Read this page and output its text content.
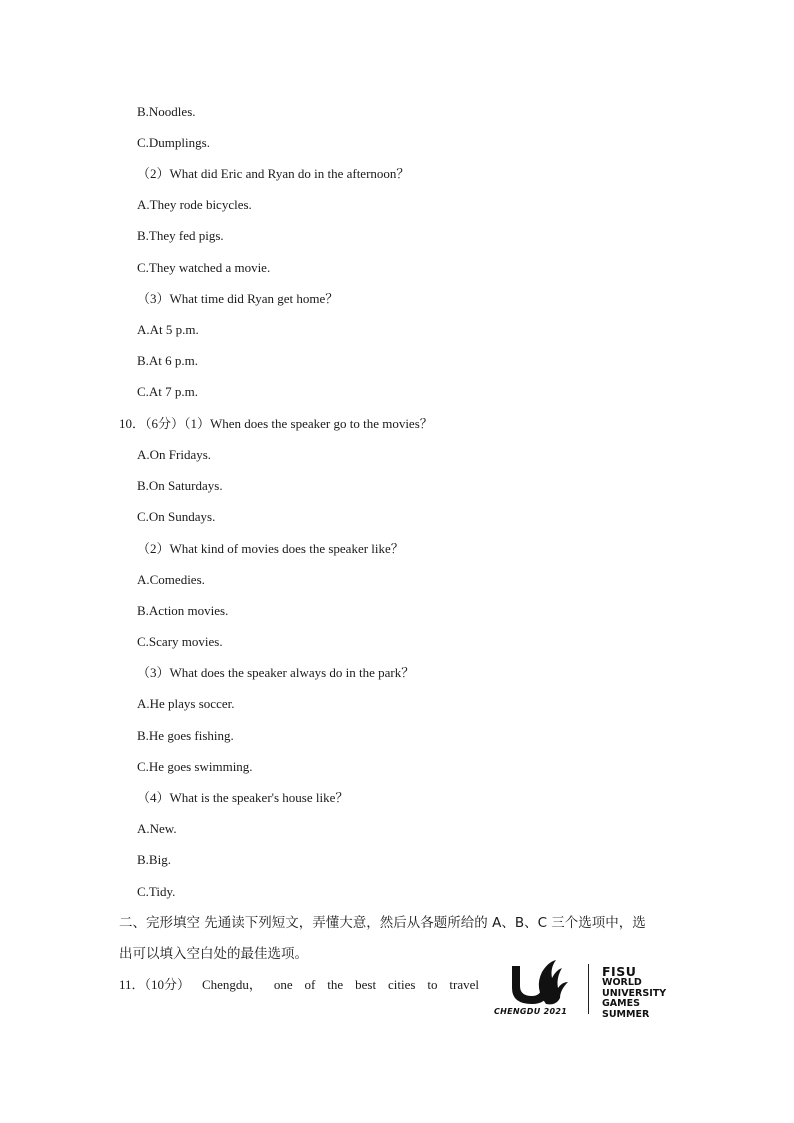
B.Noodles.
C.Dumplings.
（2）What did Eric and Ryan do in the afternoon？
A.They rode bicycles.
B.They fed pigs.
C.They watched a movie.
（3）What time did Ryan get home？
A.At 5 p.m.
B.At 6 p.m.
C.At 7 p.m.
10．（6分）（1）When does the speaker go to the movies？
A.On Fridays.
B.On Saturdays.
C.On Sundays.
（2）What kind of movies does the speaker like？
A.Comedies.
B.Action movies.
C.Scary movies.
（3）What does the speaker always do in the park？
A.He plays soccer.
B.He goes fishing.
C.He goes swimming.
（4）What is the speaker's house like？
A.New.
B.Big.
C.Tidy.
二、完形填空 先通读下列短文，弄懂大意，然后从各题所给的 A、B、C 三个选项中，选
出可以填入空白处的最佳选项。
11．（10分） Chengdu， one of the best cities to travel
CHENGDU 2021
FISU
WORLD
UNIVERSITY
GAMES
SUMMER
